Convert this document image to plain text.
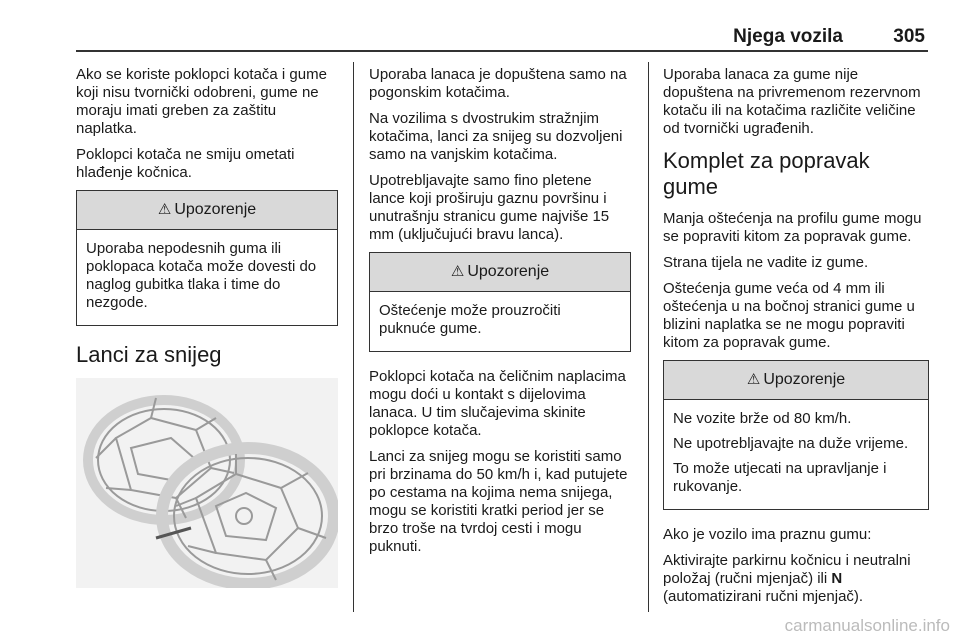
Njega vozila	305

Ako se koriste poklopci kotača i gume koji nisu tvornički odobreni, gume ne moraju imati greben za zaštitu naplatka.

Poklopci kotača ne smiju ometati hlađenje kočnica.

⚠ Upozorenje

Uporaba nepodesnih guma ili poklopaca kotača može dovesti do naglog gubitka tlaka i time do nezgode.

Lanci za snijeg

Uporaba lanaca je dopuštena samo na pogonskim kotačima.

Na vozilima s dvostrukim stražnjim kotačima, lanci za snijeg su dozvoljeni samo na vanjskim kotačima.

Upotrebljavajte samo fino pletene lance koji proširuju gaznu površinu i unutrašnju stranicu gume najviše 15 mm (uključujući bravu lanca).

⚠ Upozorenje

Oštećenje može prouzročiti puknuće gume.

Poklopci kotača na čeličnim naplacima mogu doći u kontakt s dijelovima lanaca. U tim slučajevima skinite poklopce kotača.

Lanci za snijeg mogu se koristiti samo pri brzinama do 50 km/h i, kad putujete po cestama na kojima nema snijega, mogu se koristiti kratki period jer se brzo troše na tvrdoj cesti i mogu puknuti.

Uporaba lanaca za gume nije dopuštena na privremenom rezervnom kotaču ili na kotačima različite veličine od tvornički ugrađenih.

Komplet za popravak gume

Manja oštećenja na profilu gume mogu se popraviti kitom za popravak gume.

Strana tijela ne vadite iz gume.

Oštećenja gume veća od 4 mm ili oštećenja u na bočnoj stranici gume u blizini naplatka se ne mogu popraviti kitom za popravak gume.

⚠ Upozorenje

Ne vozite brže od 80 km/h.

Ne upotrebljavajte na duže vrijeme.

To može utjecati na upravljanje i rukovanje.

Ako je vozilo ima praznu gumu:

Aktivirajte parkirnu kočnicu i neutralni položaj (ručni mjenjač) ili N (automatizirani ručni mjenjač).

carmanualsonline.info
